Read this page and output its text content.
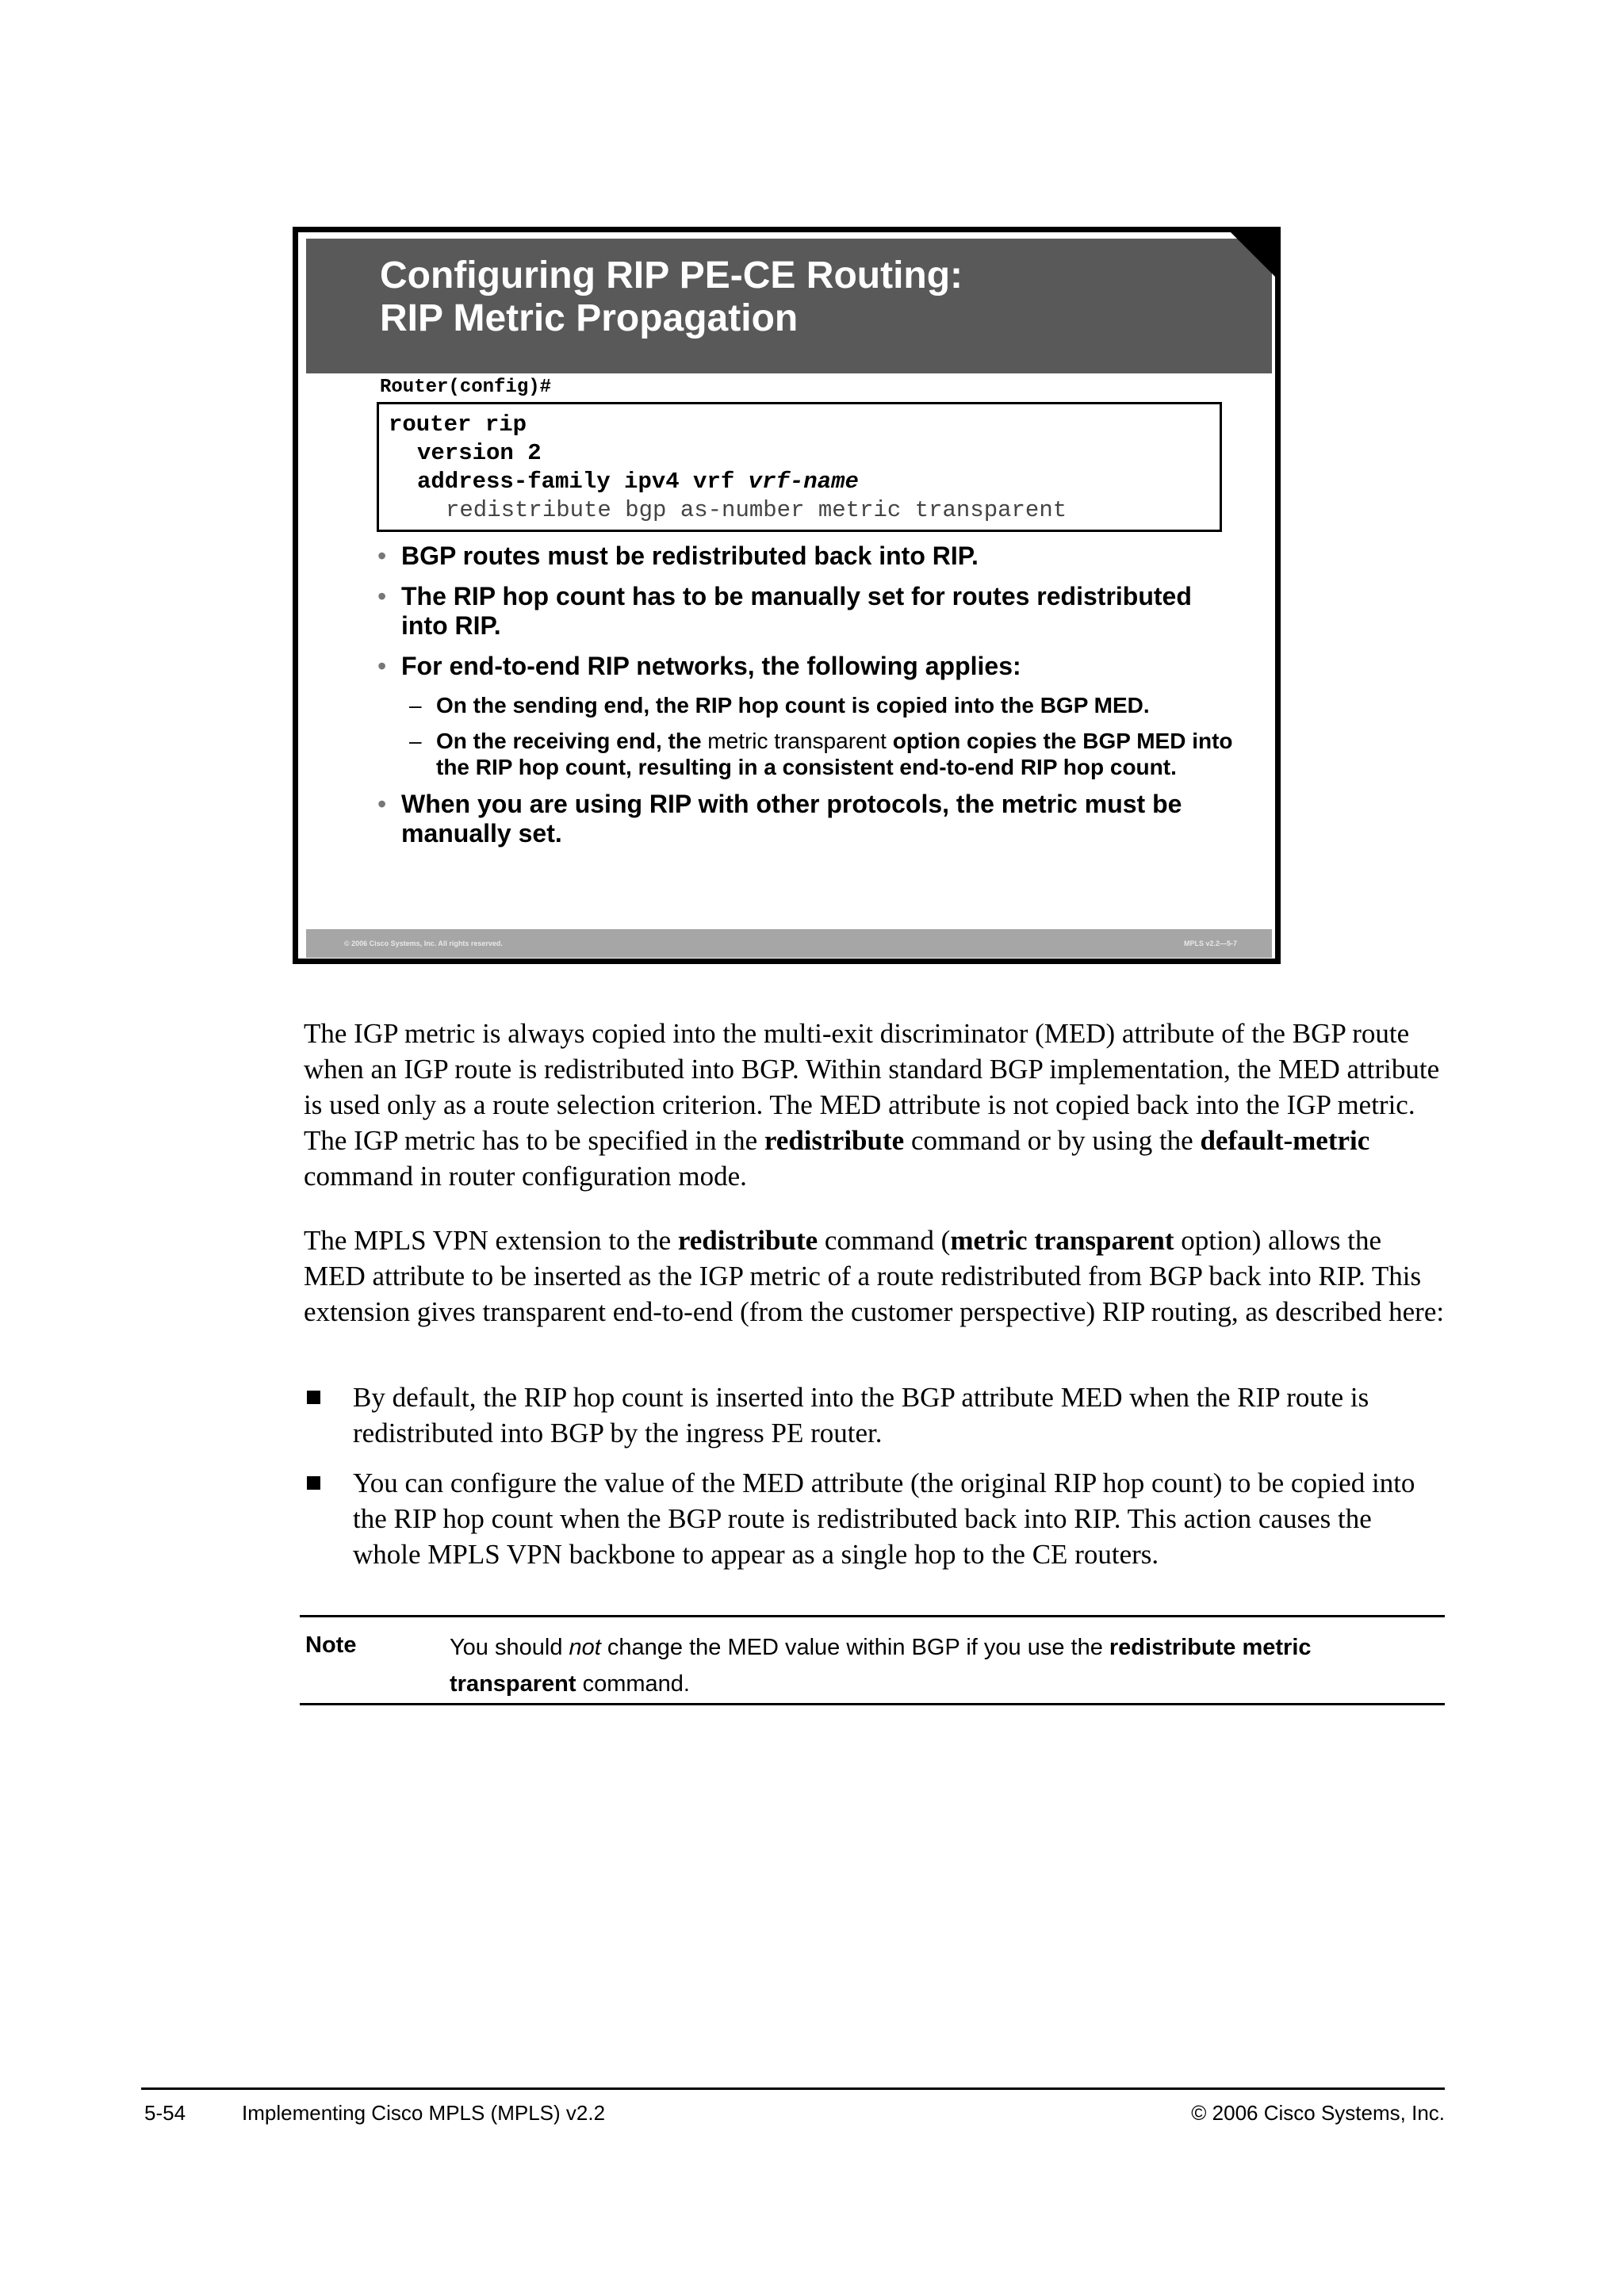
Configuring RIP PE-CE Routing:
RIP Metric Propagation
Router(config)#
router rip
version 2
address-family ipv4 vrf vrf-name
redistribute bgp as-number metric transparent
• BGP routes must be redistributed back into RIP.
• The RIP hop count has to be manually set for routes redistributed into RIP.
• For end-to-end RIP networks, the following applies:
– On the sending end, the RIP hop count is copied into the BGP MED.
– On the receiving end, the metric transparent option copies the BGP MED into the RIP hop count, resulting in a consistent end-to-end RIP hop count.
• When you are using RIP with other protocols, the metric must be manually set.
© 2006 Cisco Systems, Inc. All rights reserved.	MPLS v2.2—5-7

The IGP metric is always copied into the multi-exit discriminator (MED) attribute of the BGP route when an IGP route is redistributed into BGP. Within standard BGP implementation, the MED attribute is used only as a route selection criterion. The MED attribute is not copied back into the IGP metric. The IGP metric has to be specified in the redistribute command or by using the default-metric command in router configuration mode.

The MPLS VPN extension to the redistribute command (metric transparent option) allows the MED attribute to be inserted as the IGP metric of a route redistributed from BGP back into RIP. This extension gives transparent end-to-end (from the customer perspective) RIP routing, as described here:

By default, the RIP hop count is inserted into the BGP attribute MED when the RIP route is redistributed into BGP by the ingress PE router.
You can configure the value of the MED attribute (the original RIP hop count) to be copied into the RIP hop count when the BGP route is redistributed back into RIP. This action causes the whole MPLS VPN backbone to appear as a single hop to the CE routers.
Note	You should not change the MED value within BGP if you use the redistribute metric transparent command.
5-54	Implementing Cisco MPLS (MPLS) v2.2	© 2006 Cisco Systems, Inc.
